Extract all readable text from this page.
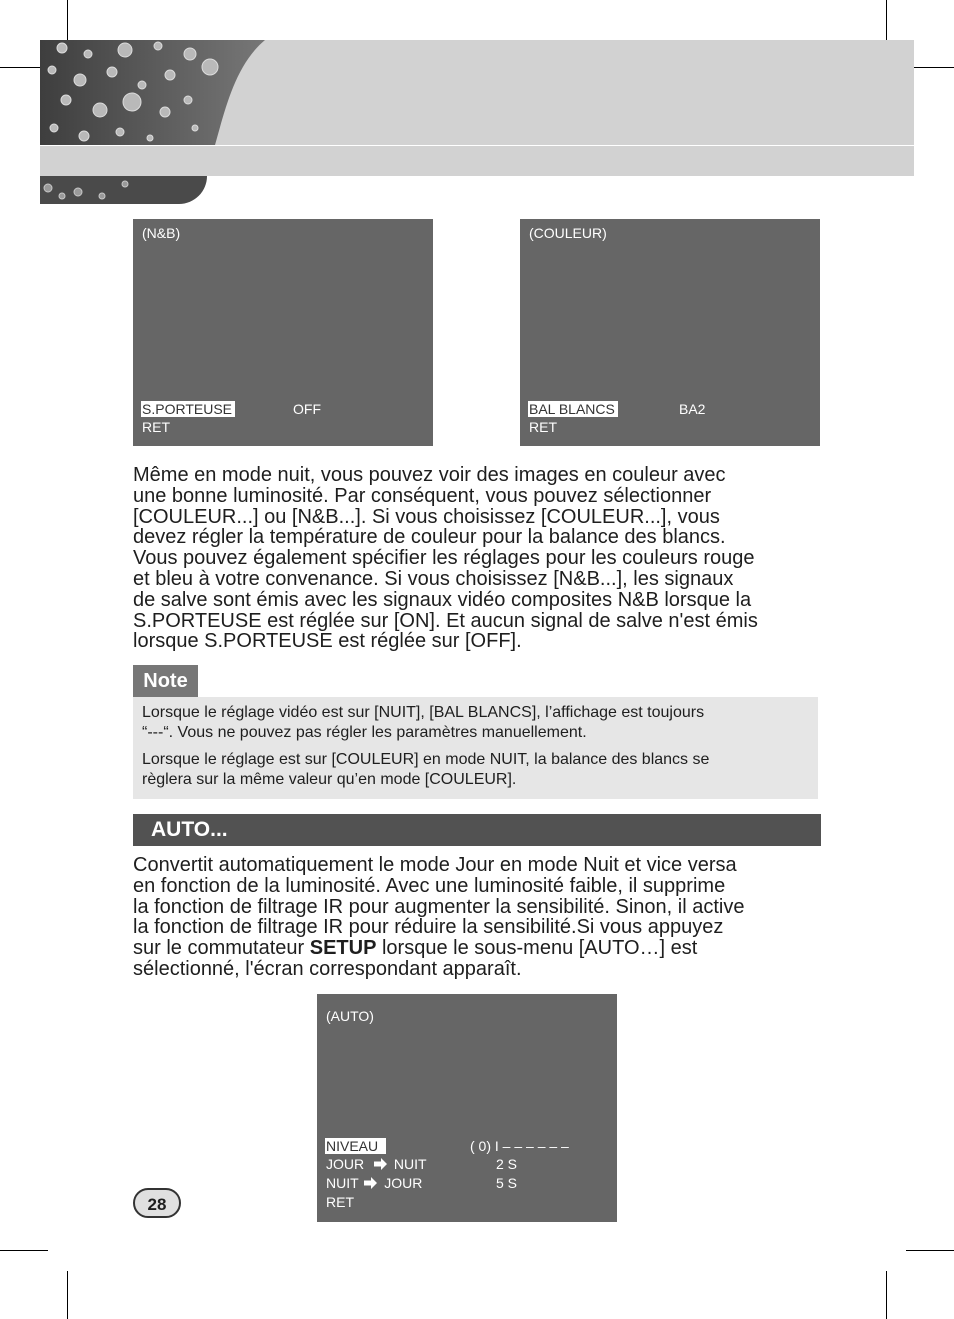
(N&B)
S.PORTEUSE	OFF
RET
(COULEUR)
BAL BLANCS	BA2
RET
Même en mode nuit, vous pouvez voir des images en couleur avec
une bonne luminosité. Par conséquent, vous pouvez sélectionner
[COULEUR...] ou [N&B...]. Si vous choisissez [COULEUR...], vous
devez régler la température de couleur pour la balance des blancs.
Vous pouvez également spécifier les réglages pour les couleurs rouge
et bleu à votre convenance. Si vous choisissez [N&B...], les signaux
de salve sont émis avec les signaux vidéo composites N&B lorsque la
S.PORTEUSE est réglée sur [ON]. Et aucun signal de salve n'est émis
lorsque S.PORTEUSE est réglée sur [OFF].
Note
Lorsque le réglage vidéo est sur [NUIT], [BAL BLANCS], l’affichage est toujours
“---“. Vous ne pouvez pas régler les paramètres manuellement.
Lorsque le réglage est sur [COULEUR] en mode NUIT, la balance des blancs se
règlera sur la même valeur qu’en mode [COULEUR].
AUTO...
Convertit automatiquement le mode Jour en mode Nuit et vice versa
en fonction de la luminosité. Avec une luminosité faible, il supprime
la fonction de filtrage IR pour augmenter la sensibilité. Sinon, il active
la fonction de filtrage IR pour réduire la sensibilité.Si vous appuyez
sur le commutateur SETUP lorsque le sous-menu [AUTO…] est
sélectionné, l'écran correspondant apparaît.
(AUTO)
NIVEAU	( 0) I – – – – – –
JOUR NUIT	2 S
NUIT JOUR	5 S
RET
28
